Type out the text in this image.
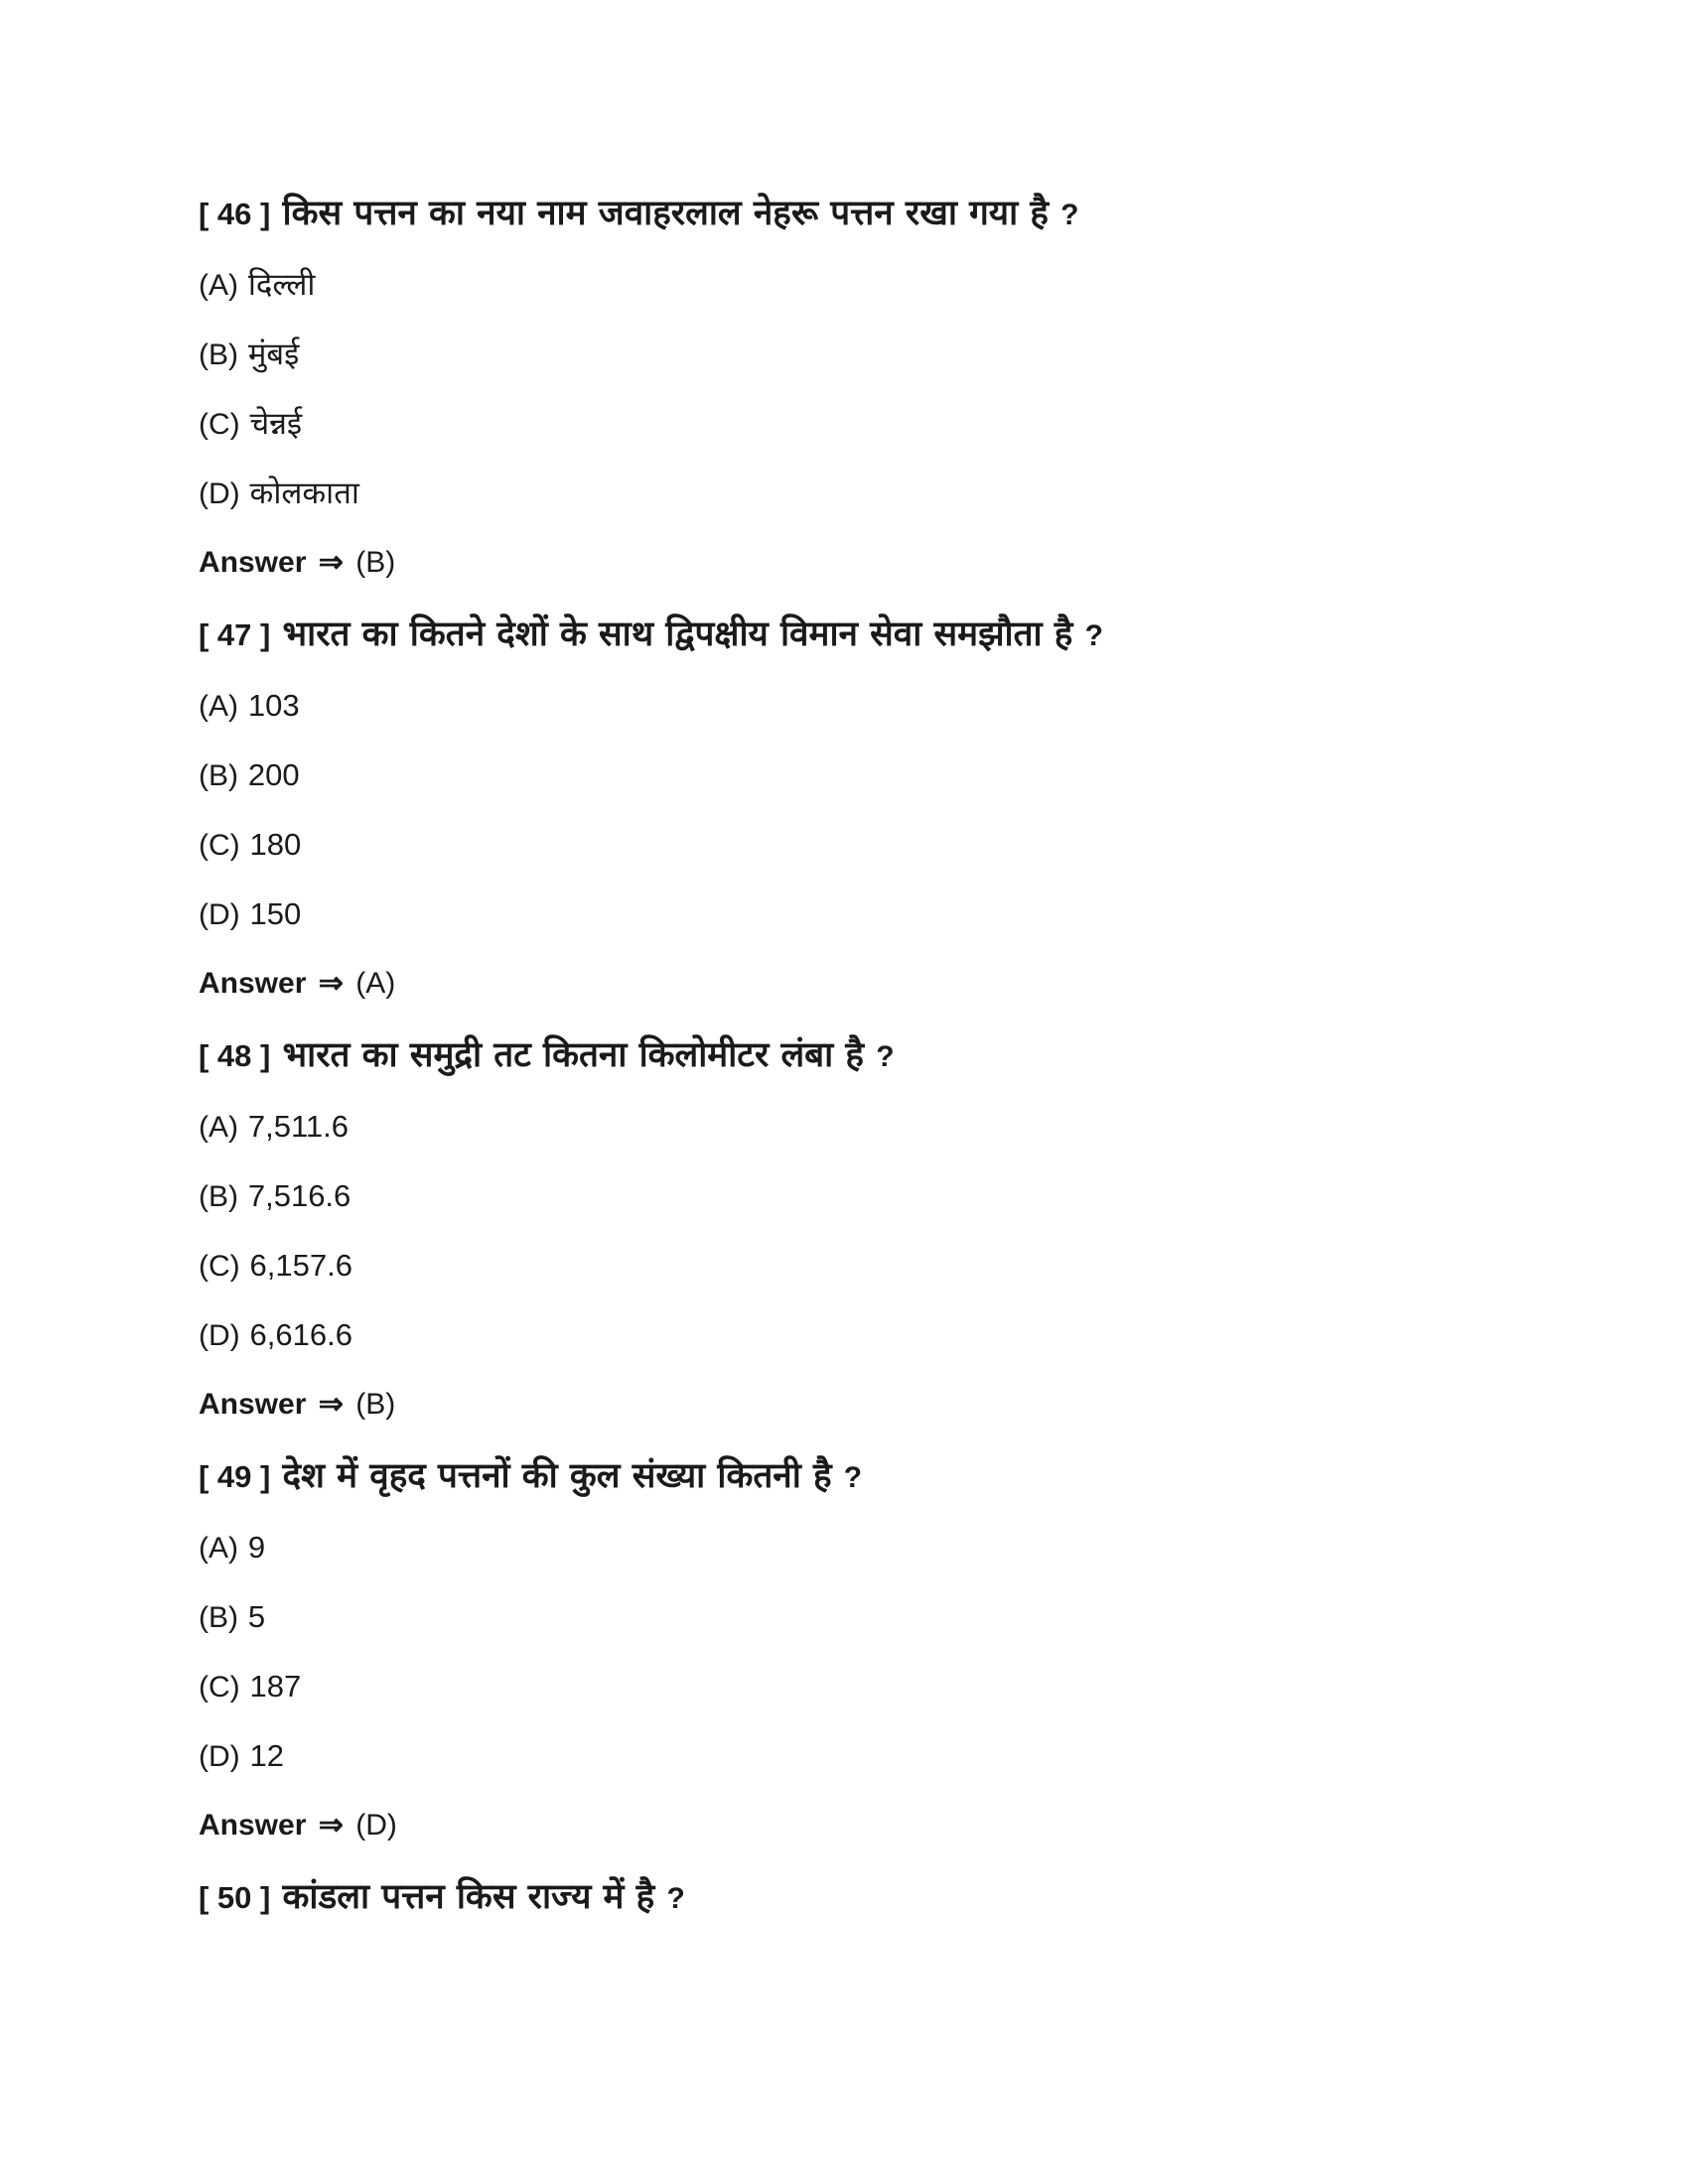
[ 46 ] किस पत्तन का नया नाम जवाहरलाल नेहरू पत्तन रखा गया है ?
(A) दिल्ली
(B) मुंबई
(C) चेन्नई
(D) कोलकाता
Answer ⇒ (B)
[ 47 ] भारत का कितने देशों के साथ द्विपक्षीय विमान सेवा समझौता है ?
(A) 103
(B) 200
(C) 180
(D) 150
Answer ⇒ (A)
[ 48 ] भारत का समुद्री तट कितना किलोमीटर लंबा है ?
(A) 7,511.6
(B) 7,516.6
(C) 6,157.6
(D) 6,616.6
Answer ⇒ (B)
[ 49 ] देश में वृहद पत्तनों की कुल संख्या कितनी है ?
(A) 9
(B) 5
(C) 187
(D) 12
Answer ⇒ (D)
[ 50 ] कांडला पत्तन किस राज्य में है ?
